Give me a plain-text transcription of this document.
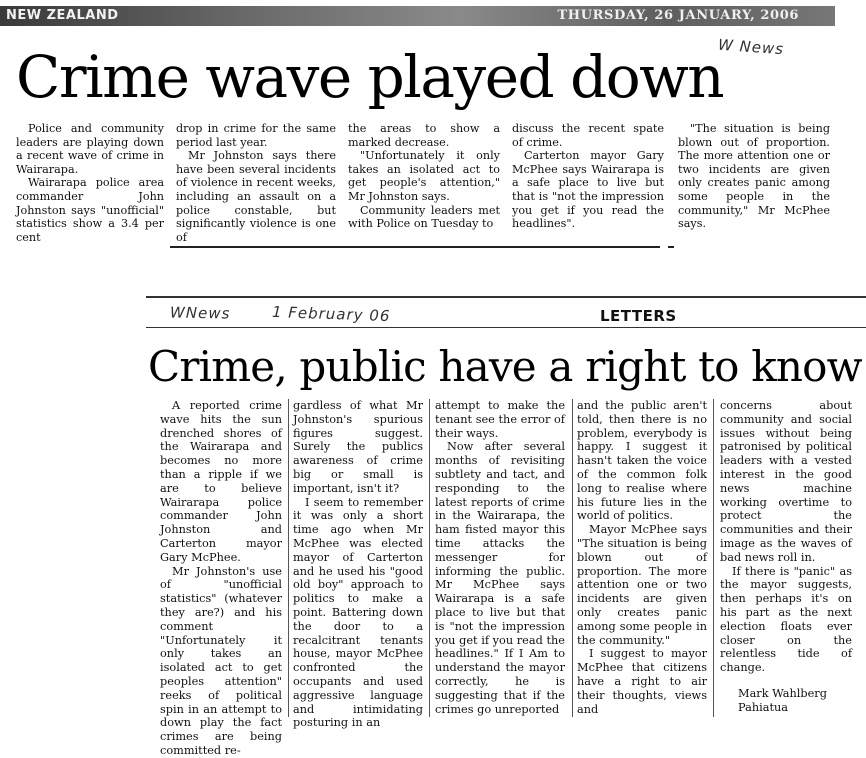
NEW ZEALAND	THURSDAY, 26 JANUARY, 2006
W News
Crime wave played down

Police and community leaders are playing down a recent wave of crime in Wairarapa.

Wairarapa police area commander John Johnston says "unofficial" statistics show a 3.4 per cent

drop in crime for the same period last year.

Mr Johnston says there have been several incidents of violence in recent weeks, including an assault on a police constable, but significantly violence is one of

the areas to show a marked decrease.

"Unfortunately it only takes an isolated act to get people's attention," Mr Johnston says.

Community leaders met with Police on Tuesday to

discuss the recent spate of crime.

Carterton mayor Gary McPhee says Wairarapa is a safe place to live but that is "not the impression you get if you read the headlines".

"The situation is being blown out of proportion. The more attention one or two incidents are given only creates panic among some people in the community," Mr McPhee says.

WNews	1 February 06	LETTERS
Crime, public have a right to know

A reported crime wave hits the sun drenched shores of the Wairarapa and becomes no more than a ripple if we are to believe Wairarapa police commander John Johnston and Carterton mayor Gary McPhee.

Mr Johnston's use of "unofficial statistics" (whatever they are?) and his comment "Unfortunately it only takes an isolated act to get peoples attention" reeks of political spin in an attempt to down play the fact crimes are being committed re-

gardless of what Mr Johnston's spurious figures suggest. Surely the publics awareness of crime big or small is important, isn't it?

I seem to remember it was only a short time ago when Mr McPhee was elected mayor of Carterton and he used his "good old boy" approach to politics to make a point. Battering down the door to a recalcitrant tenants house, mayor McPhee confronted the occupants and used aggressive language and intimidating posturing in an

attempt to make the tenant see the error of their ways.

Now after several months of revisiting subtlety and tact, and responding to the latest reports of crime in the Wairarapa, the ham fisted mayor this time attacks the messenger for informing the public. Mr McPhee says Wairarapa is a safe place to live but that is "not the impression you get if you read the headlines." If I Am to understand the mayor correctly, he is suggesting that if the crimes go unreported

and the public aren't told, then there is no problem, everybody is happy. I suggest it hasn't taken the voice of the common folk long to realise where his future lies in the world of politics.

Mayor McPhee says "The situation is being blown out of proportion. The more attention one or two incidents are given only creates panic among some people in the community."

I suggest to mayor McPhee that citizens have a right to air their thoughts, views and

concerns about community and social issues without being patronised by political leaders with a vested interest in the good news machine working overtime to protect the communities and their image as the waves of bad news roll in.

If there is "panic" as the mayor suggests, then perhaps it's on his part as the next election floats ever closer on the relentless tide of change.

Mark Wahlberg

Pahiatua
